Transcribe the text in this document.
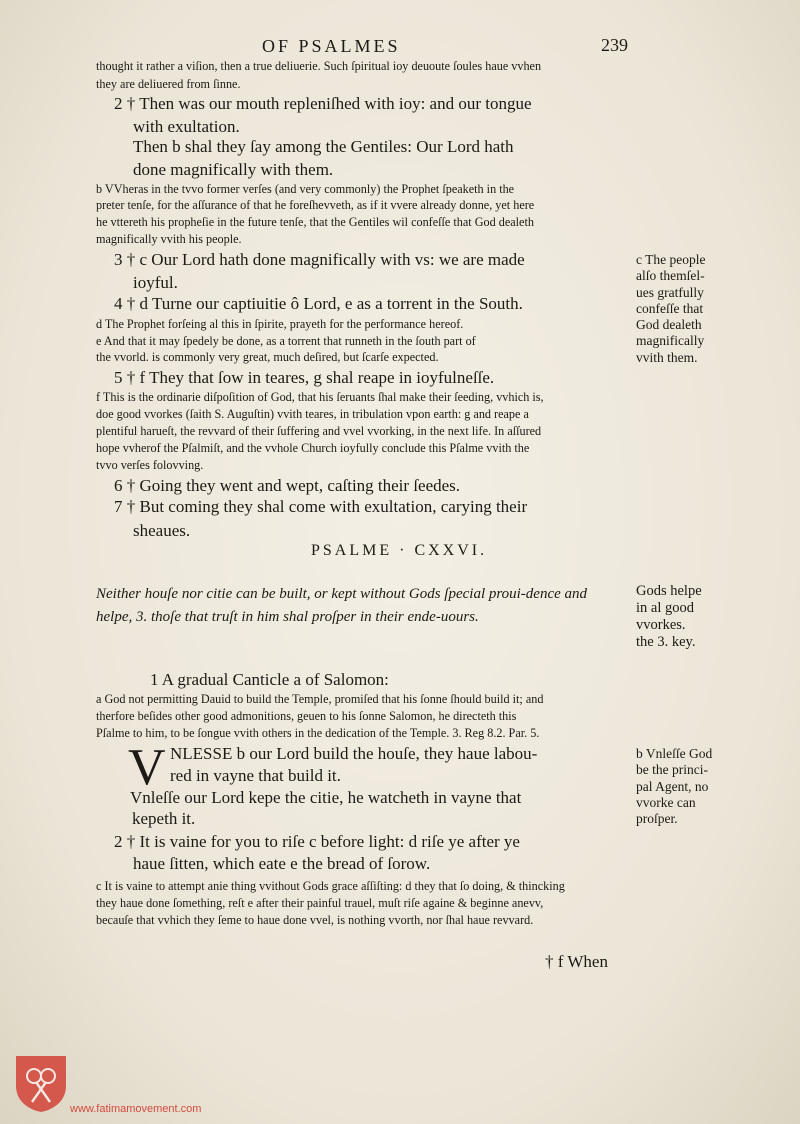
OF PSALMES	239
thought it rather a viſion, then a true deliuerie. Such ſpiritual ioy deuoute ſoules haue vvhen
they are deliuered from ſinne.
2 † Then was our mouth repleniſhed with ioy: and our tongue
with exultation.
Then b shal they ſay among the Gentiles: Our Lord hath
done magnifically with them.
b VVheras in the tvvo former verſes (and very commonly) the Prophet ſpeaketh in the
preter tenſe, for the aſſurance of that he foreſhevveth, as if it vvere already donne, yet here
he vttereth his propheſie in the future tenſe, that the Gentiles wil confeſſe that God dealeth
magnifically vvith his people.
3 † c Our Lord hath done magnifically with vs: we are made
ioyful.
4 † d Turne our captiuitie ô Lord, e as a torrent in the South.
d The Prophet forſeing al this in ſpirite, prayeth for the performance hereof.
e And that it may ſpedely be done, as a torrent that runneth in the ſouth part of
the vvorld. is commonly very great, much deſired, but ſcarſe expected.
c The people
alſo themſel-
ues gratfully
confeſſe that
God dealeth
magnifically
vvith them.
5 † f They that ſow in teares, g shal reape in ioyfulneſſe.
f This is the ordinarie diſpoſition of God, that his ſeruants ſhal make their ſeeding, vvhich is,
doe good vvorkes (ſaith S. Auguſtin) vvith teares, in tribulation vpon earth: g and reape a
plentiful harueſt, the revvard of their ſuffering and vvel vvorking, in the next life. In aſſured
hope vvherof the Pſalmiſt, and the vvhole Church ioyfully conclude this Pſalme vvith the
tvvo verſes folovving.
6 † Going they went and wept, caſting their ſeedes.
7 † But coming they shal come with exultation, carying their
sheaues.
PSALME · CXXVI.
Neither houſe nor citie can be built, or kept without Gods ſpecial proui-dence and helpe, 3. thoſe that truſt in him shal proſper in their ende-uours.
Gods helpe
in al good
vvorkes.
the 3. key.
1 A gradual Canticle a of Salomon:
a God not permitting Dauid to build the Temple, promiſed that his ſonne ſhould build it; and
therfore beſides other good admonitions, geuen to his ſonne Salomon, he directeth this
Pſalme to him, to be ſongue vvith others in the dedication of the Temple. 3. Reg 8.2. Par. 5.
V NLESSE b our Lord build the houſe, they haue labou-
red in vayne that build it.
Vnleſſe our Lord kepe the citie, he watcheth in vayne that
kepeth it.
b Vnleſſe God
be the princi-
pal Agent, no
vvorke can
proſper.
2 † It is vaine for you to riſe c before light: d riſe ye after ye
haue ſitten, which eate e the bread of ſorow.
c It is vaine to attempt anie thing vvithout Gods grace aſſiſting: d they that ſo doing, & thincking
they haue done ſomething, reſt e after their painful trauel, muſt riſe againe & beginne anevv,
becauſe that vvhich they ſeme to haue done vvel, is nothing vvorth, nor ſhal haue revvard.
† f When
www.fatimamovement.com
